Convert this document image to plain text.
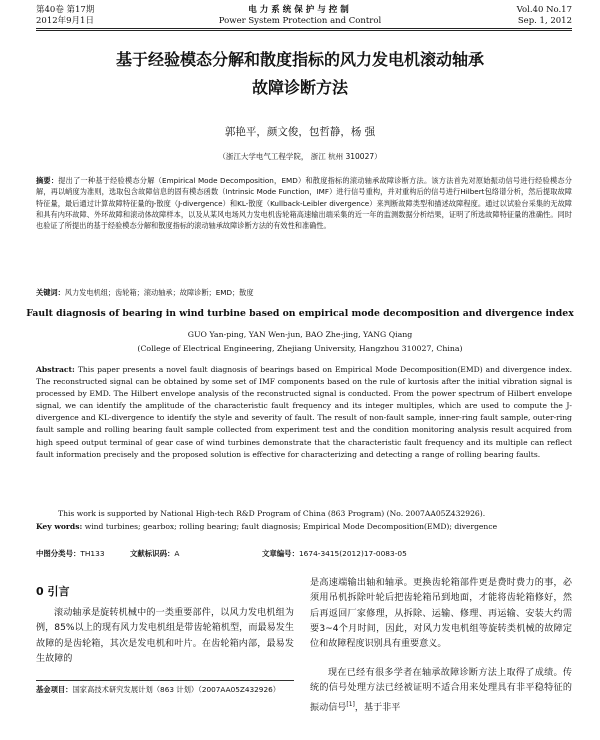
第40卷 第17期
2012年9月1日
电力系统保护与控制
Power System Protection and Control
Vol.40 No.17
Sep. 1, 2012
基于经验模态分解和散度指标的风力发电机滚动轴承
故障诊断方法
郭艳平，颜文俊，包哲静，杨 强
（浙江大学电气工程学院， 浙江 杭州 310027）
摘要：提出了一种基于经验模态分解（Empirical Mode Decomposition，EMD）和散度指标的滚动轴承故障诊断方法。该方法首先对原始振动信号进行经验模态分解，再以峭度为准则，选取包含故障信息的固有模态函数（Intrinsic Mode Function，IMF）进行信号重构，并对重构后的信号进行Hilbert包络谱分析，然后提取故障特征量，最后通过计算故障特征量的J-散度（J-divergence）和KL-散度（Kullback-Leibler divergence）来判断故障类型和描述故障程度。通过以试验台采集的无故障和具有内环故障、外环故障和滚动体故障样本，以及从某风电场风力发电机齿轮箱高速输出端采集的近一年的监测数据分析结果，证明了所选故障特征量的准确性。同时也验证了所提出的基于经验模态分解和散度指标的滚动轴承故障诊断方法的有效性和准确性。
关键词：风力发电机组；齿轮箱；滚动轴承；故障诊断；EMD；散度
Fault diagnosis of bearing in wind turbine based on empirical mode decomposition and divergence index
GUO Yan-ping, YAN Wen-jun, BAO Zhe-jing, YANG Qiang
(College of Electrical Engineering, Zhejiang University, Hangzhou 310027, China)
Abstract: This paper presents a novel fault diagnosis of bearings based on Empirical Mode Decomposition(EMD) and divergence index. The reconstructed signal can be obtained by some set of IMF components based on the rule of kurtosis after the initial vibration signal is processed by EMD. The Hilbert envelope analysis of the reconstructed signal is conducted. From the power spectrum of Hilbert envelope signal, we can identify the amplitude of the characteristic fault frequency and its integer multiples, which are used to compute the J-divergence and KL-divergence to identify the style and severity of fault. The result of non-fault sample, inner-ring fault sample, outer-ring fault sample and rolling bearing fault sample collected from experiment test and the condition monitoring analysis result acquired from high speed output terminal of gear case of wind turbines demonstrate that the characteristic fault frequency and its multiple can reflect fault information precisely and the proposed solution is effective for characterizing and detecting a range of rolling bearing faults.
This work is supported by National High-tech R&D Program of China (863 Program) (No. 2007AA05Z432926).
Key words: wind turbines; gearbox; rolling bearing; fault diagnosis; Empirical Mode Decomposition(EMD); divergence
中图分类号：TH133	文献标识码：A	文章编号：1674-3415(2012)17-0083-05
0 引言
滚动轴承是旋转机械中的一类重要部件，以风力发电机组为例，85%以上的现有风力发电机组是带齿轮箱机型，而最易发生故障的是齿轮箱，其次是发电机和叶片。在齿轮箱内部，最易发生故障的
基金项目：国家高技术研究发展计划（863 计划）（2007AA05Z432926）
是高速端输出轴和轴承。更换齿轮箱部件更是费时费力的事，必须用吊机拆除叶轮后把齿轮箱吊到地面，才能将齿轮箱修好，然后再返回厂家修理，从拆除、运输、修理、再运输、安装大约需要3~4个月时间，因此，对风力发电机组等旋转类机械的故障定位和故障程度识别具有重要意义。
现在已经有很多学者在轴承故障诊断方法上取得了成绩。传统的信号处理方法已经被证明不适合用来处理具有非平稳特征的振动信号[1]，基于非平
